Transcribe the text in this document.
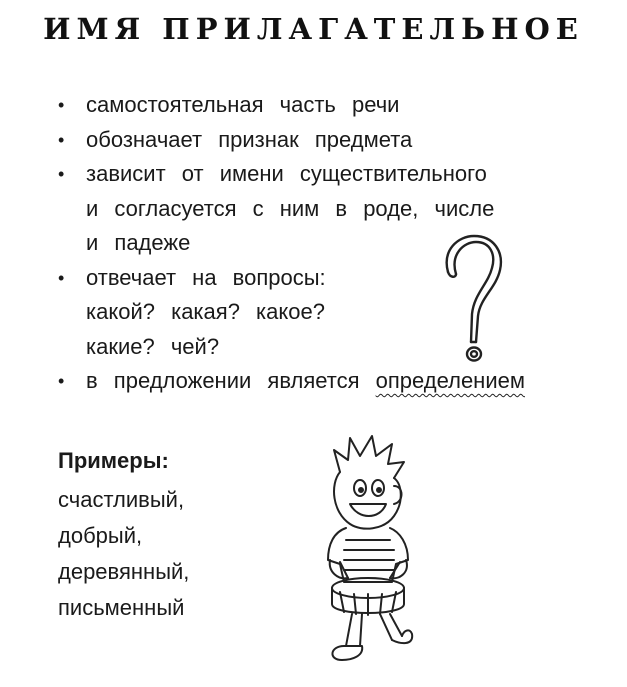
ИМЯ ПРИЛАГАТЕЛЬНОЕ
• самостоятельная часть речи
• обозначает признак предмета
• зависит от имени существительного
и согласуется с ним в роде, числе
и падеже
• отвечает на вопросы:
какой? какая? какое?
какие? чей?
• в предложении является определением
Примеры:
счастливый,
добрый,
деревянный,
письменный
